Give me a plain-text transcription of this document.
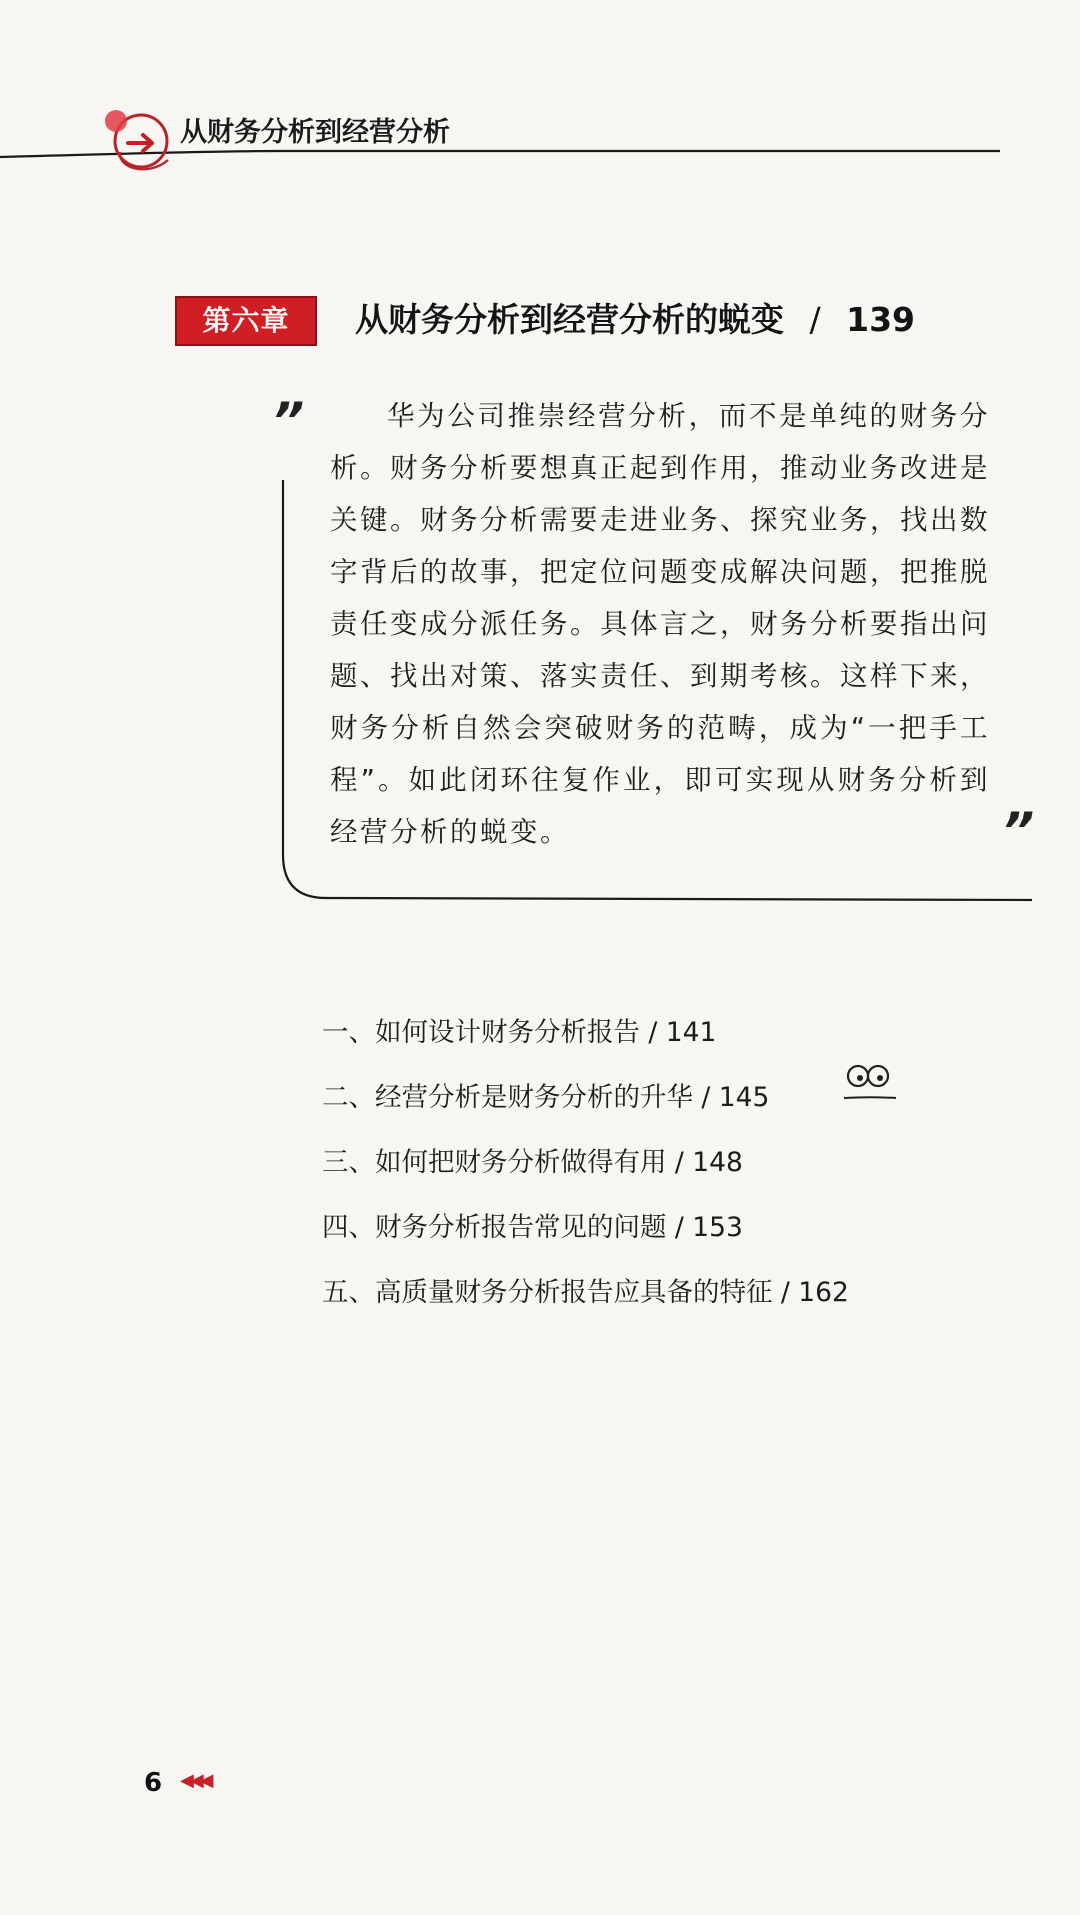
从财务分析到经营分析
第六章	从财务分析到经营分析的蜕变 / 139
”	华为公司推崇经营分析，而不是单纯的财务分析。财务分析要想真正起到作用，推动业务改进是关键。财务分析需要走进业务、探究业务，找出数字背后的故事，把定位问题变成解决问题，把推脱责任变成分派任务。具体言之，财务分析要指出问题、找出对策、落实责任、到期考核。这样下来，财务分析自然会突破财务的范畴，成为“一把手工程”。如此闭环往复作业，即可实现从财务分析到经营分析的蜕变。	”
一、如何设计财务分析报告 / 141
二、经营分析是财务分析的升华 / 145
三、如何把财务分析做得有用 / 148
四、财务分析报告常见的问题 / 153
五、高质量财务分析报告应具备的特征 / 162
6 ◀◀◀
